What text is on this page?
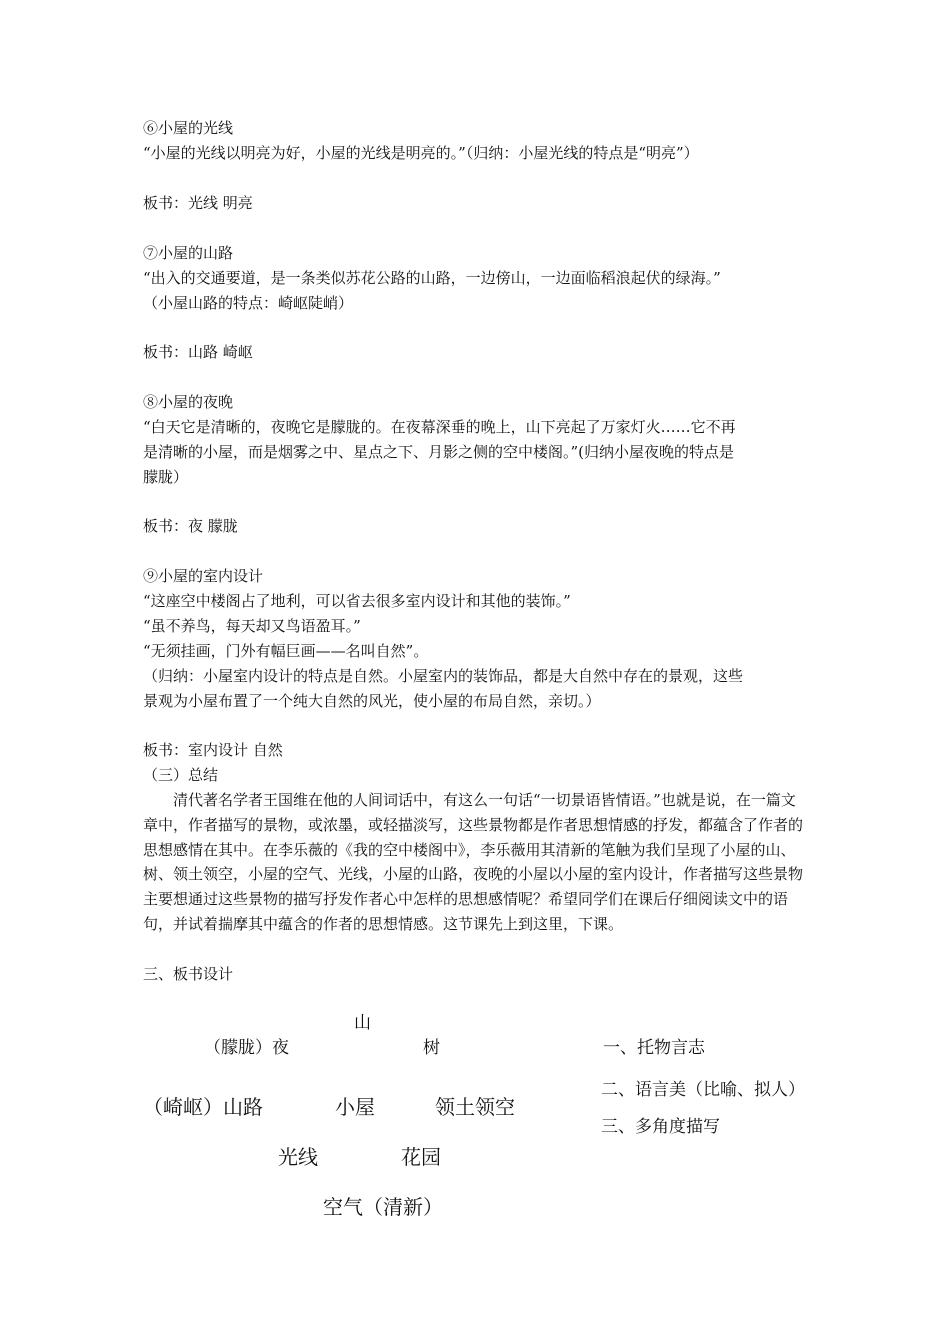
⑥小屋的光线
“小屋的光线以明亮为好，小屋的光线是明亮的。”（归纳：小屋光线的特点是“明亮”）
板书：光线 明亮
⑦小屋的山路
“出入的交通要道，是一条类似苏花公路的山路，一边傍山，一边面临稻浪起伏的绿海。”
（小屋山路的特点：崎岖陡峭）
板书：山路 崎岖
⑧小屋的夜晚
“白天它是清晰的，夜晚它是朦胧的。在夜幕深垂的晚上，山下亮起了万家灯火……它不再
是清晰的小屋，而是烟雾之中、星点之下、月影之侧的空中楼阁。”(归纳小屋夜晚的特点是
朦胧）
板书：夜 朦胧
⑨小屋的室内设计
“这座空中楼阁占了地利，可以省去很多室内设计和其他的装饰。”
“虽不养鸟，每天却又鸟语盈耳。”
“无须挂画，门外有幅巨画——名叫自然”。
（归纳：小屋室内设计的特点是自然。小屋室内的装饰品，都是大自然中存在的景观，这些
景观为小屋布置了一个纯大自然的风光，使小屋的布局自然，亲切。）
板书：室内设计 自然
（三）总结

清代著名学者王国维在他的人间词话中，有这么一句话“一切景语皆情语。”也就是说，在一篇文章中，作者描写的景物，或浓墨，或轻描淡写，这些景物都是作者思想情感的抒发，都蕴含了作者的思想感情在其中。在李乐薇的《我的空中楼阁中》，李乐薇用其清新的笔触为我们呈现了小屋的山、树、领土领空，小屋的空气、光线，小屋的山路，夜晚的小屋以小屋的室内设计，作者描写这些景物主要想通过这些景物的描写抒发作者心中怎样的思想感情呢？希望同学们在课后仔细阅读文中的语句，并试着揣摩其中蕴含的作者的思想情感。这节课先上到这里，下课。

三、板书设计
山
（朦胧）夜	树
（崎岖）山路	小屋	领土领空
光线	花园
空气（清新）
一、托物言志
二、语言美（比喻、拟人）
三、多角度描写
